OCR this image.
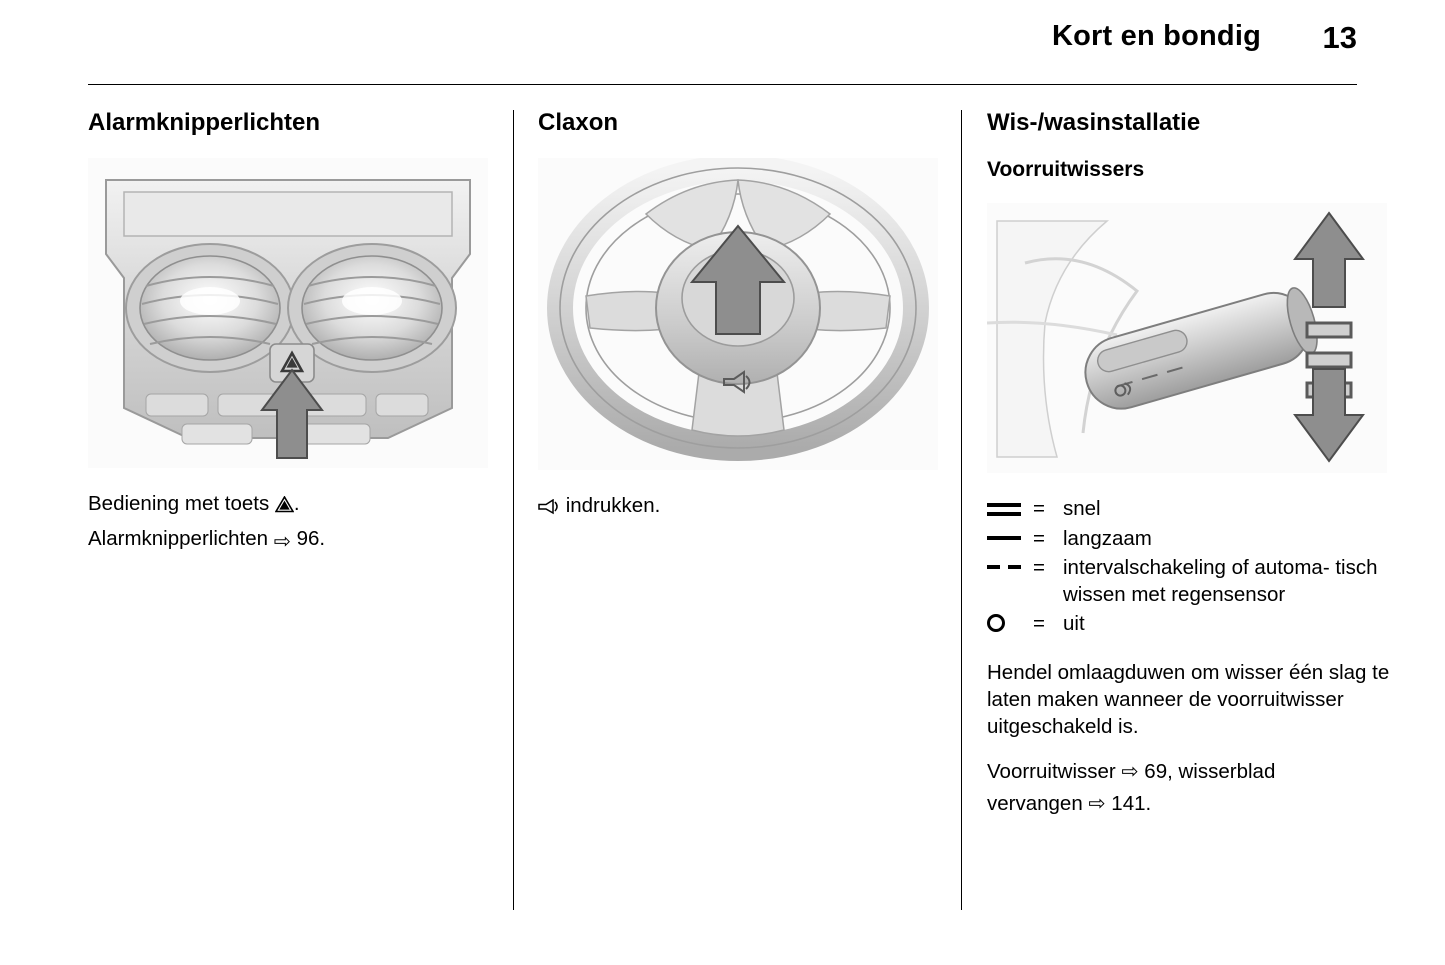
Kort en bondig 13
Alarmknipperlichten

Bediening met toets .

Alarmknipperlichten ⇨ 96.

Claxon

indrukken.

Wis-/wasinstallatie
Voorruitwissers
= snel
= langzaam
= intervalschakeling of automa- tisch wissen met regensensor
= uit

Hendel omlaagduwen om wisser één slag te laten maken wanneer de voorruitwisser uitgeschakeld is.

Voorruitwisser ⇨ 69, wisserblad

vervangen ⇨ 141.
